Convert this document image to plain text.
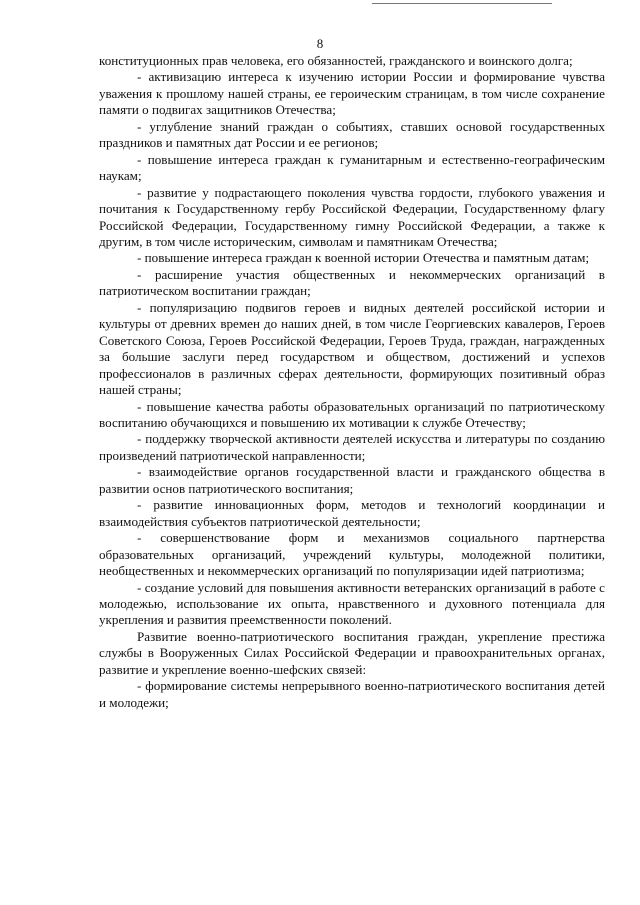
8

конституционных прав человека, его обязанностей, гражданского и воинского долга;

- активизацию интереса к изучению истории России и формирование чувства уважения к прошлому нашей страны, ее героическим страницам, в том числе сохранение памяти о подвигах защитников Отечества;

- углубление знаний граждан о событиях, ставших основой государственных праздников и памятных дат России и ее регионов;

- повышение интереса граждан к гуманитарным и естественно-географическим наукам;

- развитие у подрастающего поколения чувства гордости, глубокого уважения и почитания к Государственному гербу Российской Федерации, Государственному флагу Российской Федерации, Государственному гимну Российской Федерации, а также к другим, в том числе историческим, символам и памятникам Отечества;

- повышение интереса граждан к военной истории Отечества и памятным датам;

- расширение участия общественных и некоммерческих организаций в патриотическом воспитании граждан;

- популяризацию подвигов героев и видных деятелей российской истории и культуры от древних времен до наших дней, в том числе Георгиевских кавалеров, Героев Советского Союза, Героев Российской Федерации, Героев Труда, граждан, награжденных за большие заслуги перед государством и обществом, достижений и успехов профессионалов в различных сферах деятельности, формирующих позитивный образ нашей страны;

- повышение качества работы образовательных организаций по патриотическому воспитанию обучающихся и повышению их мотивации к службе Отечеству;

- поддержку творческой активности деятелей искусства и литературы по созданию произведений патриотической направленности;

- взаимодействие органов государственной власти и гражданского общества в развитии основ патриотического воспитания;

- развитие инновационных форм, методов и технологий координации и взаимодействия субъектов патриотической деятельности;

- совершенствование форм и механизмов социального партнерства образовательных организаций, учреждений культуры, молодежной политики, необщественных и некоммерческих организаций по популяризации идей патриотизма;

- создание условий для повышения активности ветеранских организаций в работе с молодежью, использование их опыта, нравственного и духовного потенциала для укрепления и развития преемственности поколений.

Развитие военно-патриотического воспитания граждан, укрепление престижа службы в Вооруженных Силах Российской Федерации и правоохранительных органах, развитие и укрепление военно-шефских связей:

- формирование системы непрерывного военно-патриотического воспитания детей и молодежи;
